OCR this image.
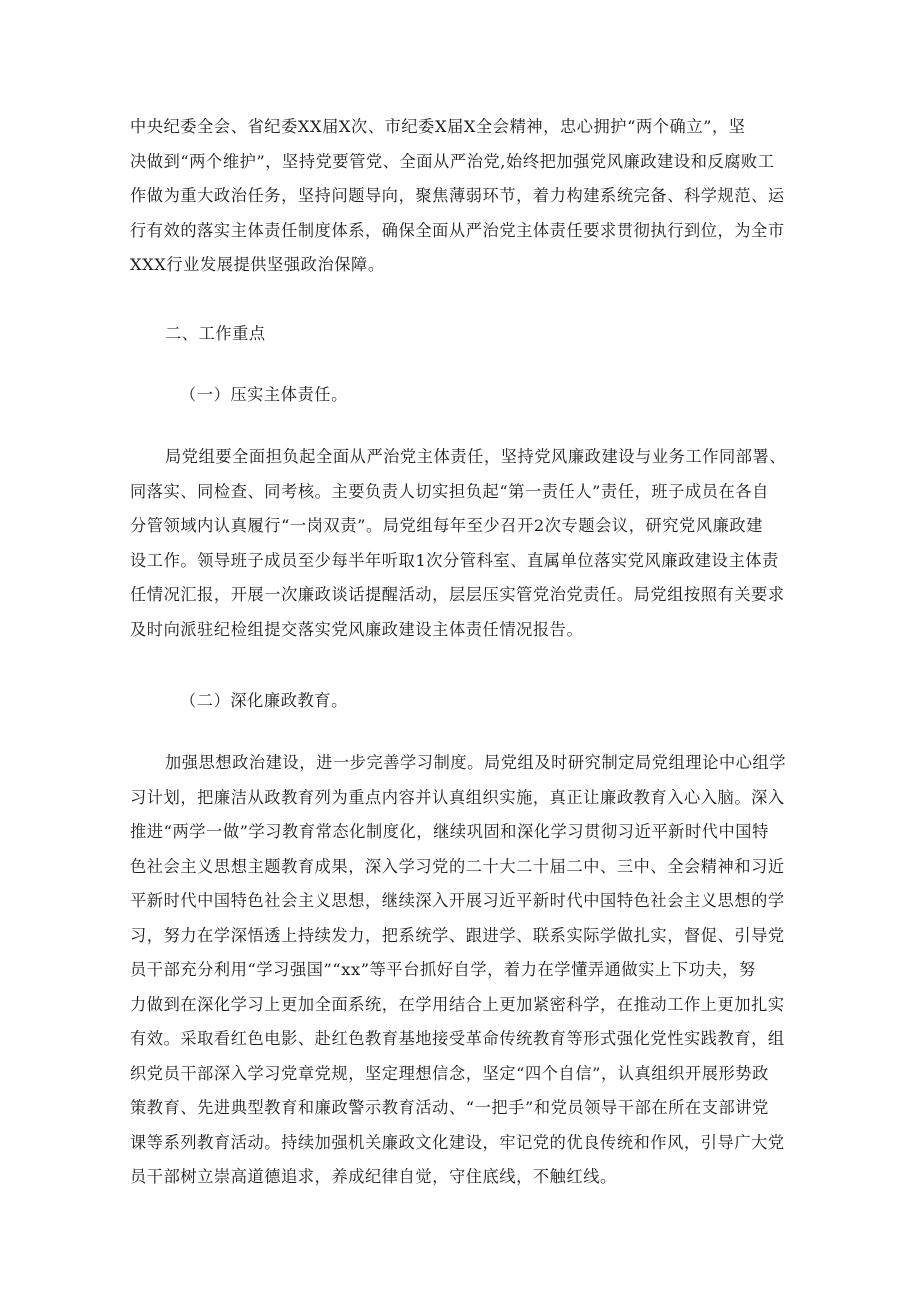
中央纪委全会、省纪委XX届X次、市纪委X届X全会精神，忠心拥护“两个确立”，坚
决做到“两个维护”，坚持党要管党、全面从严治党,始终把加强党风廉政建设和反腐败工
作做为重大政治任务，坚持问题导向，聚焦薄弱环节，着力构建系统完备、科学规范、运
行有效的落实主体责任制度体系，确保全面从严治党主体责任要求贯彻执行到位，为全市
XXX行业发展提供坚强政治保障。
二、工作重点
（一）压实主体责任。
局党组要全面担负起全面从严治党主体责任，坚持党风廉政建设与业务工作同部署、
同落实、同检查、同考核。主要负责人切实担负起“第一责任人”责任，班子成员在各自
分管领域内认真履行“一岗双责”。局党组每年至少召开2次专题会议，研究党风廉政建
设工作。领导班子成员至少每半年听取1次分管科室、直属单位落实党风廉政建设主体责
任情况汇报，开展一次廉政谈话提醒活动，层层压实管党治党责任。局党组按照有关要求
及时向派驻纪检组提交落实党风廉政建设主体责任情况报告。
（二）深化廉政教育。
加强思想政治建设，进一步完善学习制度。局党组及时研究制定局党组理论中心组学
习计划，把廉洁从政教育列为重点内容并认真组织实施，真正让廉政教育入心入脑。深入
推进“两学一做”学习教育常态化制度化，继续巩固和深化学习贯彻习近平新时代中国特
色社会主义思想主题教育成果，深入学习党的二十大二十届二中、三中、全会精神和习近
平新时代中国特色社会主义思想，继续深入开展习近平新时代中国特色社会主义思想的学
习，努力在学深悟透上持续发力，把系统学、跟进学、联系实际学做扎实，督促、引导党
员干部充分利用“学习强国”“xx”等平台抓好自学，着力在学懂弄通做实上下功夫，努
力做到在深化学习上更加全面系统，在学用结合上更加紧密科学，在推动工作上更加扎实
有效。采取看红色电影、赴红色教育基地接受革命传统教育等形式强化党性实践教育，组
织党员干部深入学习党章党规，坚定理想信念，坚定“四个自信”，认真组织开展形势政
策教育、先进典型教育和廉政警示教育活动、“一把手”和党员领导干部在所在支部讲党
课等系列教育活动。持续加强机关廉政文化建设，牢记党的优良传统和作风，引导广大党
员干部树立崇高道德追求，养成纪律自觉，守住底线，不触红线。
